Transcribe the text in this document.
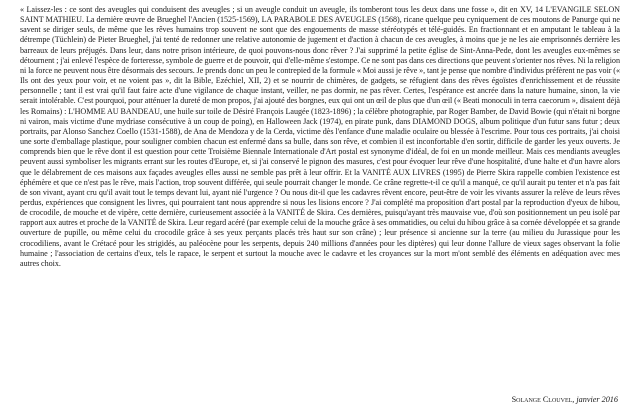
« Laissez-les : ce sont des aveugles qui conduisent des aveugles ; si un aveugle conduit un aveugle, ils tomberont tous les deux dans une fosse », dit en XV, 14 L'EVANGILE SELON SAINT MATHIEU. La dernière œuvre de Brueghel l'Ancien (1525-1569), LA PARABOLE DES AVEUGLES (1568), ricane quelque peu cyniquement de ces moutons de Panurge qui ne savent se diriger seuls, de même que les rêves humains trop souvent ne sont que des engouements de masse stéréotypés et télé-guidés. En fractionnant et en amputant le tableau à la détrempe (Tüchlein) de Pieter Brueghel, j'ai tenté de redonner une relative autonomie de jugement et d'action à chacun de ces aveugles, à moins que je ne les aie emprisonnés derrière les barreaux de leurs préjugés. Dans leur, dans notre prison intérieure, de quoi pouvons-nous donc rêver ? J'ai supprimé la petite église de Sint-Anna-Pede, dont les aveugles eux-mêmes se détournent ; j'ai enlevé l'espèce de forteresse, symbole de guerre et de pouvoir, qui d'elle-même s'estompe. Ce ne sont pas dans ces directions que peuvent s'orienter nos rêves. Ni la religion ni la force ne peuvent nous être désormais des secours. Je prends donc un peu le contrepied de la formule « Moi aussi je rêve », tant je pense que nombre d'individus préfèrent ne pas voir (« Ils ont des yeux pour voir, et ne voient pas », dit la Bible, Ezéchiel, XII, 2) et se nourrir de chimères, de gadgets, se réfugient dans des rêves égoïstes d'enrichissement et de réussite personnelle ; tant il est vrai qu'il faut faire acte d'une vigilance de chaque instant, veiller, ne pas dormir, ne pas rêver. Certes, l'espérance est ancrée dans la nature humaine, sinon, la vie serait intolérable. C'est pourquoi, pour atténuer la dureté de mon propos, j'ai ajouté des borgnes, eux qui ont un œil de plus que d'un œil (« Beati monoculi in terra caecorum », disaient déjà les Romains) : L'HOMME AU BANDEAU, une huile sur toile de Désiré François Laugée (1823-1896) ; la célèbre photographie, par Roger Bamber, de David Bowie (qui n'était ni borgne ni vairon, mais victime d'une mydriase consécutive à un coup de poing), en Halloween Jack (1974), en pirate punk, dans DIAMOND DOGS, album politique d'un futur sans futur ; deux portraits, par Alonso Sanchez Coello (1531-1588), de Ana de Mendoza y de la Cerda, victime dès l'enfance d'une maladie oculaire ou blessée à l'escrime. Pour tous ces portraits, j'ai choisi une sorte d'emballage plastique, pour souligner combien chacun est enfermé dans sa bulle, dans son rêve, et combien il est inconfortable d'en sortir, difficile de garder les yeux ouverts. Je comprends bien que le rêve dont il est question pour cette Troisième Biennale Internationale d'Art postal est synonyme d'idéal, de foi en un monde meilleur. Mais ces mendiants aveugles peuvent aussi symboliser les migrants errant sur les routes d'Europe, et, si j'ai conservé le pignon des masures, c'est pour évoquer leur rêve d'une hospitalité, d'une halte et d'un havre alors que le délabrement de ces maisons aux façades aveugles elles aussi ne semble pas prêt à leur offrir. Et la VANITÉ AUX LIVRES (1995) de Pierre Skira rappelle combien l'existence est éphémère et que ce n'est pas le rêve, mais l'action, trop souvent différée, qui seule pourrait changer le monde. Ce crâne regrette-t-il ce qu'il a manqué, ce qu'il aurait pu tenter et n'a pas fait de son vivant, ayant cru qu'il avait tout le temps devant lui, ayant nié l'urgence ? Ou nous dit-il que les cadavres rêvent encore, peut-être de voir les vivants assurer la relève de leurs rêves perdus, expériences que consignent les livres, qui pourraient tant nous apprendre si nous les lisions encore ? J'ai complété ma proposition d'art postal par la reproduction d'yeux de hibou, de crocodile, de mouche et de vipère, cette dernière, curieusement associée à la VANITÉ de Skira. Ces dernières, puisqu'ayant très mauvaise vue, d'où son positionnement un peu isolé par rapport aux autres et proche de la VANITÉ de Skira. Leur regard acéré (par exemple celui de la mouche grâce à ses ommatidies, ou celui du hibou grâce à sa cornée développée et sa grande ouverture de pupille, ou même celui du crocodile grâce à ses yeux perçants placés très haut sur son crâne) ; leur présence si ancienne sur la terre (au milieu du Jurassique pour les crocodiliens, avant le Crétacé pour les strigidés, au paléocène pour les serpents, depuis 240 millions d'années pour les diptères) qui leur donne l'allure de vieux sages observant la folie humaine ; l'association de certains d'eux, tels le rapace, le serpent et surtout la mouche avec le cadavre et les croyances sur la mort m'ont semblé des éléments en adéquation avec mes autres choix.

Solange Clouvel, janvier 2016
